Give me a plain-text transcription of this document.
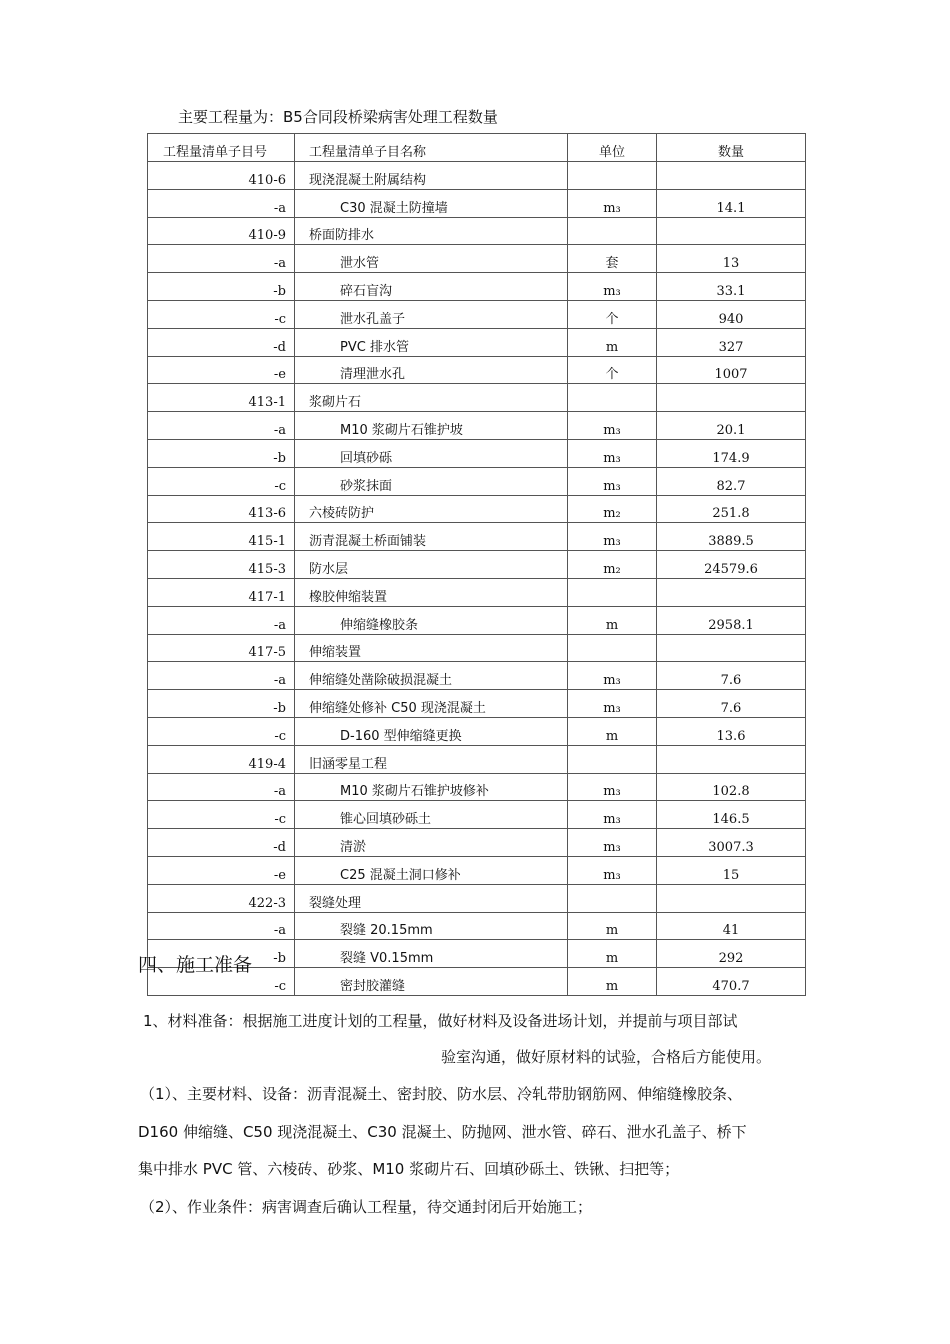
主要工程量为：B5合同段桥梁病害处理工程数量
工程量清单子目号	工程量清单子目名称	单位	数量
410-6	现浇混凝土附属结构		
-a	C30 混凝土防撞墙	m₃	14.1
410-9	桥面防排水		
-a	泄水管	套	13
-b	碎石盲沟	m₃	33.1
-c	泄水孔盖子	个	940
-d	PVC 排水管	m	327
-e	清理泄水孔	个	1007
413-1	浆砌片石		
-a	M10 浆砌片石锥护坡	m₃	20.1
-b	回填砂砾	m₃	174.9
-c	砂浆抹面	m₃	82.7
413-6	六棱砖防护	m₂	251.8
415-1	沥青混凝土桥面铺装	m₃	3889.5
415-3	防水层	m₂	24579.6
417-1	橡胶伸缩装置		
-a	伸缩缝橡胶条	m	2958.1
417-5	伸缩装置		
-a	伸缩缝处凿除破损混凝土	m₃	7.6
-b	伸缩缝处修补 C50 现浇混凝土	m₃	7.6
-c	D-160 型伸缩缝更换	m	13.6
419-4	旧涵零星工程		
-a	M10 浆砌片石锥护坡修补	m₃	102.8
-c	锥心回填砂砾土	m₃	146.5
-d	清淤	m₃	3007.3
-e	C25 混凝土洞口修补	m₃	15
422-3	裂缝处理		
-a	裂缝 20.15mm	m	41
-b	裂缝 V0.15mm	m	292
-c	密封胶灌缝	m	470.7
四、施工准备
1、材料准备：根据施工进度计划的工程量，做好材料及设备进场计划，并提前与项目部试
验室沟通，做好原材料的试验，合格后方能使用。
（1）、主要材料、设备：沥青混凝土、密封胶、防水层、冷轧带肋钢筋网、伸缩缝橡胶条、
D160 伸缩缝、C50 现浇混凝土、C30 混凝土、防抛网、泄水管、碎石、泄水孔盖子、桥下
集中排水 PVC 管、六棱砖、砂浆、M10 浆砌片石、回填砂砾土、铁锹、扫把等；
（2）、作业条件：病害调查后确认工程量，待交通封闭后开始施工；
